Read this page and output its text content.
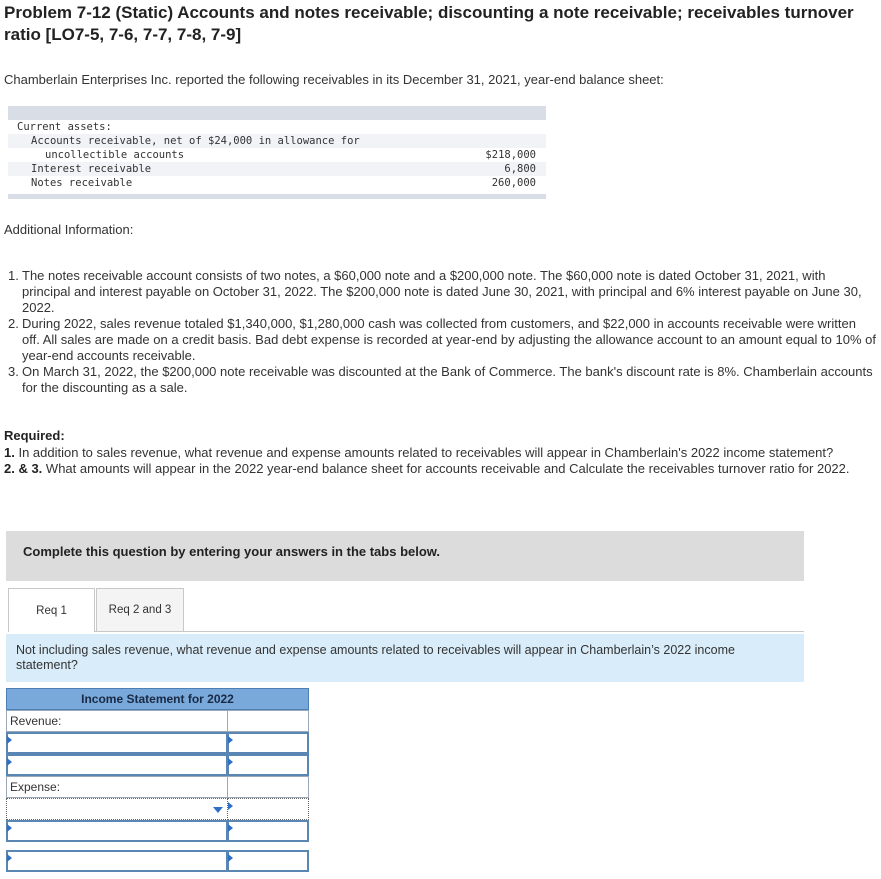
Problem 7-12 (Static) Accounts and notes receivable; discounting a note receivable; receivables turnover ratio [LO7-5, 7-6, 7-7, 7-8, 7-9]
Chamberlain Enterprises Inc. reported the following receivables in its December 31, 2021, year-end balance sheet:
Current assets:
Accounts receivable, net of $24,000 in allowance for
uncollectible accounts	$218,000
Interest receivable	6,800
Notes receivable	260,000
Additional Information:
1. The notes receivable account consists of two notes, a $60,000 note and a $200,000 note. The $60,000 note is dated October 31, 2021, with principal and interest payable on October 31, 2022. The $200,000 note is dated June 30, 2021, with principal and 6% interest payable on June 30, 2022.
2. During 2022, sales revenue totaled $1,340,000, $1,280,000 cash was collected from customers, and $22,000 in accounts receivable were written off. All sales are made on a credit basis. Bad debt expense is recorded at year-end by adjusting the allowance account to an amount equal to 10% of year-end accounts receivable.
3. On March 31, 2022, the $200,000 note receivable was discounted at the Bank of Commerce. The bank's discount rate is 8%. Chamberlain accounts for the discounting as a sale.
Required:
1. In addition to sales revenue, what revenue and expense amounts related to receivables will appear in Chamberlain's 2022 income statement?
2. & 3. What amounts will appear in the 2022 year-end balance sheet for accounts receivable and Calculate the receivables turnover ratio for 2022.
Complete this question by entering your answers in the tabs below.
Req 1	Req 2 and 3
Not including sales revenue, what revenue and expense amounts related to receivables will appear in Chamberlain’s 2022 income statement?
Income Statement for 2022
Revenue:
Expense:
